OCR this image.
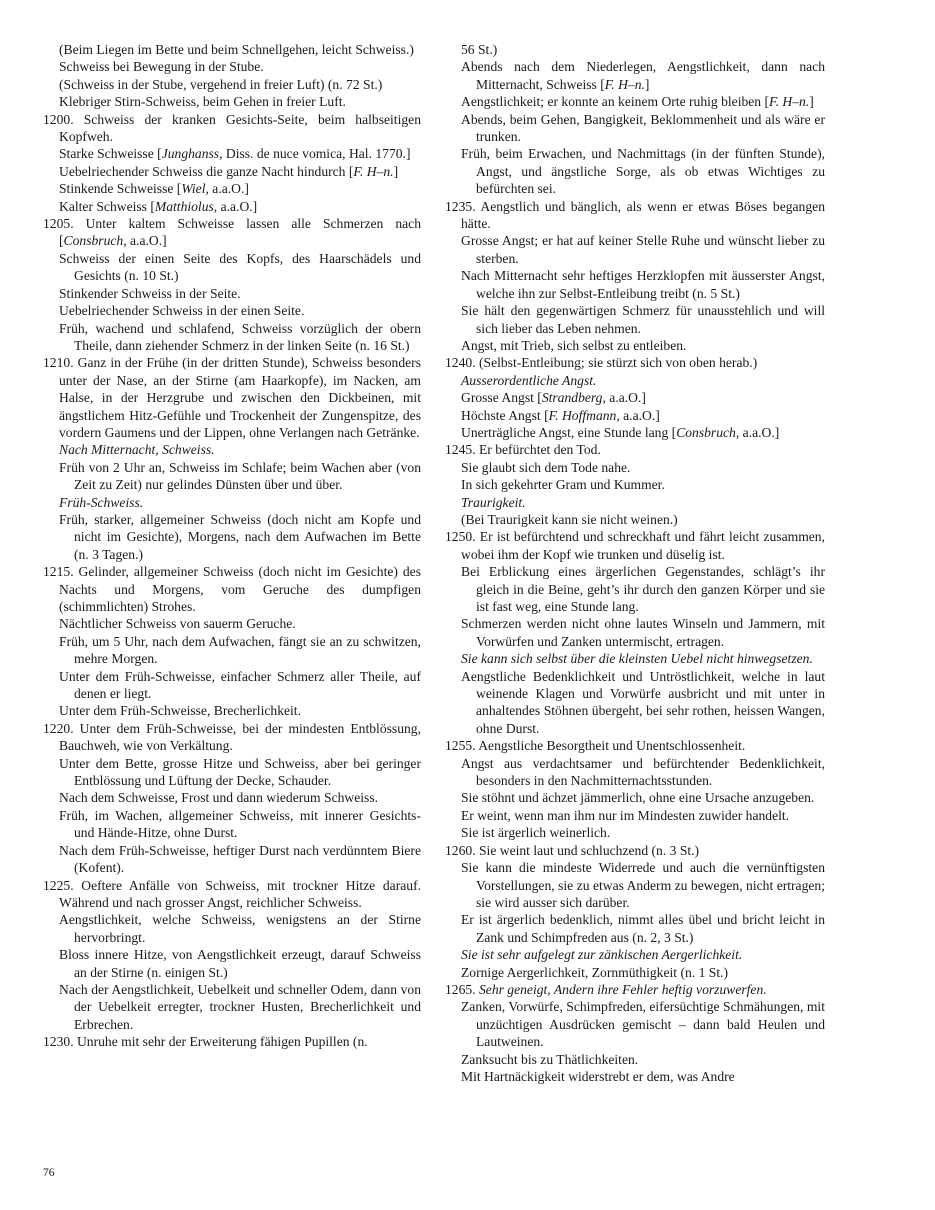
(Beim Liegen im Bette und beim Schnellgehen, leicht Schweiss.)
Schweiss bei Bewegung in der Stube.
(Schweiss in der Stube, vergehend in freier Luft) (n. 72 St.)
Klebriger Stirn-Schweiss, beim Gehen in freier Luft.
1200. Schweiss der kranken Gesichts-Seite, beim halbseitigen Kopfweh.
Starke Schweisse [Junghanss, Diss. de nuce vomica, Hal. 1770.]
Uebelriechender Schweiss die ganze Nacht hindurch [F. H–n.]
Stinkende Schweisse [Wiel, a.a.O.]
Kalter Schweiss [Matthiolus, a.a.O.]
1205. Unter kaltem Schweisse lassen alle Schmerzen nach [Consbruch, a.a.O.]
Schweiss der einen Seite des Kopfs, des Haarschädels und Gesichts (n. 10 St.)
Stinkender Schweiss in der Seite.
Uebelriechender Schweiss in der einen Seite.
Früh, wachend und schlafend, Schweiss vorzüglich der obern Theile, dann ziehender Schmerz in der linken Seite (n. 16 St.)
1210. Ganz in der Frühe (in der dritten Stunde), Schweiss besonders unter der Nase, an der Stirne (am Haarkopfe), im Nacken, am Halse, in der Herzgrube und zwischen den Dickbeinen, mit ängstlichem Hitz-Gefühle und Trockenheit der Zungenspitze, des vordern Gaumens und der Lippen, ohne Verlangen nach Getränke.
Nach Mitternacht, Schweiss.
Früh von 2 Uhr an, Schweiss im Schlafe; beim Wachen aber (von Zeit zu Zeit) nur gelindes Dünsten über und über.
Früh-Schweiss.
Früh, starker, allgemeiner Schweiss (doch nicht am Kopfe und nicht im Gesichte), Morgens, nach dem Aufwachen im Bette (n. 3 Tagen.)
1215. Gelinder, allgemeiner Schweiss (doch nicht im Gesichte) des Nachts und Morgens, vom Geruche des dumpfigen (schimmlichten) Strohes.
Nächtlicher Schweiss von sauerm Geruche.
Früh, um 5 Uhr, nach dem Aufwachen, fängt sie an zu schwitzen, mehre Morgen.
Unter dem Früh-Schweisse, einfacher Schmerz aller Theile, auf denen er liegt.
Unter dem Früh-Schweisse, Brecherlichkeit.
1220. Unter dem Früh-Schweisse, bei der mindesten Entblössung, Bauchweh, wie von Verkältung.
Unter dem Bette, grosse Hitze und Schweiss, aber bei geringer Entblössung und Lüftung der Decke, Schauder.
Nach dem Schweisse, Frost und dann wiederum Schweiss.
Früh, im Wachen, allgemeiner Schweiss, mit innerer Gesichts- und Hände-Hitze, ohne Durst.
Nach dem Früh-Schweisse, heftiger Durst nach verdünntem Biere (Kofent).
1225. Oeftere Anfälle von Schweiss, mit trockner Hitze darauf. Während und nach grosser Angst, reichlicher Schweiss.
Aengstlichkeit, welche Schweiss, wenigstens an der Stirne hervorbringt.
Bloss innere Hitze, von Aengstlichkeit erzeugt, darauf Schweiss an der Stirne (n. einigen St.)
Nach der Aengstlichkeit, Uebelkeit und schneller Odem, dann von der Uebelkeit erregter, trockner Husten, Brecherlichkeit und Erbrechen.
1230. Unruhe mit sehr der Erweiterung fähigen Pupillen (n.
56 St.)
Abends nach dem Niederlegen, Aengstlichkeit, dann nach Mitternacht, Schweiss [F. H–n.]
Aengstlichkeit; er konnte an keinem Orte ruhig bleiben [F. H–n.]
Abends, beim Gehen, Bangigkeit, Beklommenheit und als wäre er trunken.
Früh, beim Erwachen, und Nachmittags (in der fünften Stunde), Angst, und ängstliche Sorge, als ob etwas Wichtiges zu befürchten sei.
1235. Aengstlich und bänglich, als wenn er etwas Böses begangen hätte.
Grosse Angst; er hat auf keiner Stelle Ruhe und wünscht lieber zu sterben.
Nach Mitternacht sehr heftiges Herzklopfen mit äusserster Angst, welche ihn zur Selbst-Entleibung treibt (n. 5 St.)
Sie hält den gegenwärtigen Schmerz für unausstehlich und will sich lieber das Leben nehmen.
Angst, mit Trieb, sich selbst zu entleiben.
1240. (Selbst-Entleibung; sie stürzt sich von oben herab.)
Ausserordentliche Angst.
Grosse Angst [Strandberg, a.a.O.]
Höchste Angst [F. Hoffmann, a.a.O.]
Unerträgliche Angst, eine Stunde lang [Consbruch, a.a.O.]
1245. Er befürchtet den Tod.
Sie glaubt sich dem Tode nahe.
In sich gekehrter Gram und Kummer.
Traurigkeit.
(Bei Traurigkeit kann sie nicht weinen.)
1250. Er ist befürchtend und schreckhaft und fährt leicht zusammen, wobei ihm der Kopf wie trunken und düselig ist.
Bei Erblickung eines ärgerlichen Gegenstandes, schlägt’s ihr gleich in die Beine, geht’s ihr durch den ganzen Körper und sie ist fast weg, eine Stunde lang.
Schmerzen werden nicht ohne lautes Winseln und Jammern, mit Vorwürfen und Zanken untermischt, ertragen.
Sie kann sich selbst über die kleinsten Uebel nicht hinwegsetzen.
Aengstliche Bedenklichkeit und Untröstlichkeit, welche in laut weinende Klagen und Vorwürfe ausbricht und mit unter in anhaltendes Stöhnen übergeht, bei sehr rothen, heissen Wangen, ohne Durst.
1255. Aengstliche Besorgtheit und Unentschlossenheit.
Angst aus verdachtsamer und befürchtender Bedenklichkeit, besonders in den Nachmitternachtsstunden.
Sie stöhnt und ächzet jämmerlich, ohne eine Ursache anzugeben.
Er weint, wenn man ihm nur im Mindesten zuwider handelt.
Sie ist ärgerlich weinerlich.
1260. Sie weint laut und schluchzend (n. 3 St.)
Sie kann die mindeste Widerrede und auch die vernünftigsten Vorstellungen, sie zu etwas Anderm zu bewegen, nicht ertragen; sie wird ausser sich darüber.
Er ist ärgerlich bedenklich, nimmt alles übel und bricht leicht in Zank und Schimpfreden aus (n. 2, 3 St.)
Sie ist sehr aufgelegt zur zänkischen Aergerlichkeit.
Zornige Aergerlichkeit, Zornmüthigkeit (n. 1 St.)
1265. Sehr geneigt, Andern ihre Fehler heftig vorzuwerfen.
Zanken, Vorwürfe, Schimpfreden, eifersüchtige Schmähungen, mit unzüchtigen Ausdrücken gemischt – dann bald Heulen und Lautweinen.
Zanksucht bis zu Thätlichkeiten.
Mit Hartnäckigkeit widerstrebt er dem, was Andre
76
